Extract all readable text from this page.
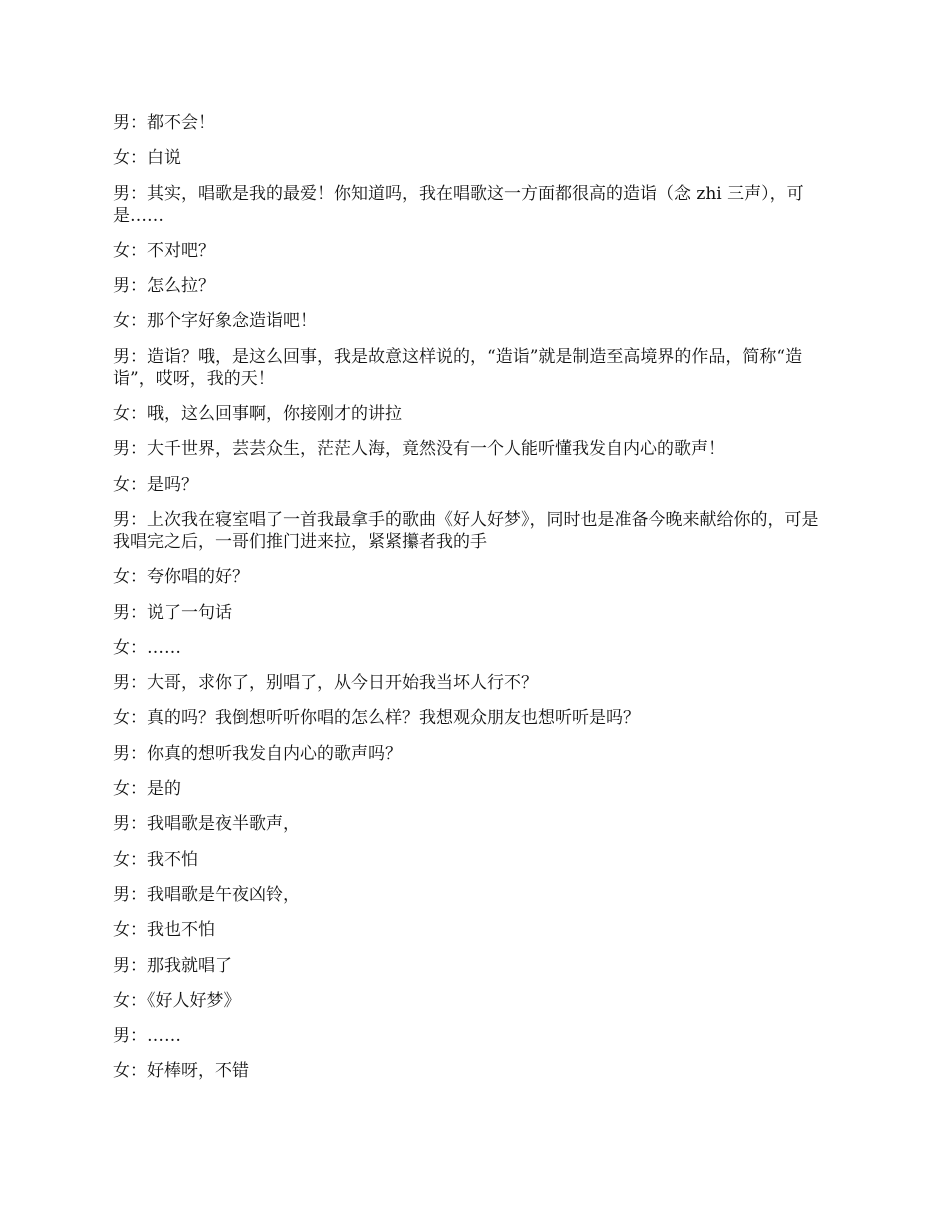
男：都不会！

女：白说

男：其实，唱歌是我的最爱！你知道吗，我在唱歌这一方面都很高的造诣（念 zhi 三声），可是……

女：不对吧？

男：怎么拉？

女：那个字好象念造诣吧！

男：造诣？哦，是这么回事，我是故意这样说的，“造诣”就是制造至高境界的作品，简称“造诣”，哎呀，我的天！

女：哦，这么回事啊，你接刚才的讲拉

男：大千世界，芸芸众生，茫茫人海，竟然没有一个人能听懂我发自内心的歌声！

女：是吗？

男：上次我在寝室唱了一首我最拿手的歌曲《好人好梦》，同时也是准备今晚来献给你的，可是我唱完之后，一哥们推门进来拉，紧紧攥者我的手

女：夸你唱的好？

男：说了一句话

女：……

男：大哥，求你了，别唱了，从今日开始我当坏人行不？

女：真的吗？我倒想听听你唱的怎么样？我想观众朋友也想听听是吗？

男：你真的想听我发自内心的歌声吗？

女：是的

男：我唱歌是夜半歌声，

女：我不怕

男：我唱歌是午夜凶铃，

女：我也不怕

男：那我就唱了

女：《好人好梦》

男：……

女：好棒呀，不错
